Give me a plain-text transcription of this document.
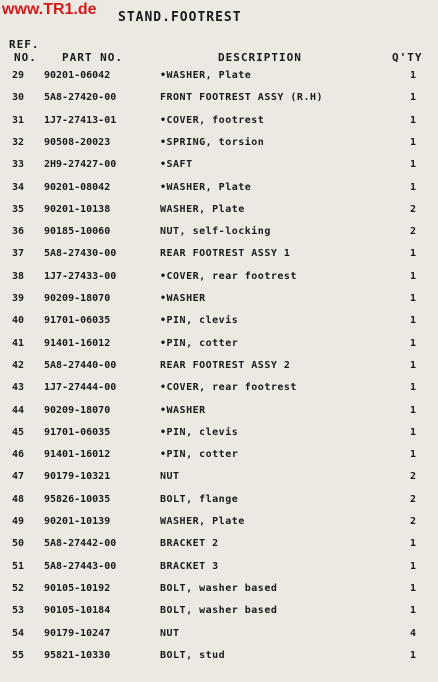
www.TR1.de STAND.FOOTREST
REF.
NO. PART NO.	DESCRIPTION	Q'TY
29	90201-06042	•WASHER, Plate	1
30	5A8-27420-00	FRONT FOOTREST ASSY (R.H)	1
31	1J7-27413-01	•COVER, footrest	1
32	90508-20023	•SPRING, torsion	1
33	2H9-27427-00	•SAFT	1
34	90201-08042	•WASHER, Plate	1
35	90201-10138	WASHER, Plate	2
36	90185-10060	NUT, self-locking	2
37	5A8-27430-00	REAR FOOTREST ASSY 1	1
38	1J7-27433-00	•COVER, rear footrest	1
39	90209-18070	•WASHER	1
40	91701-06035	•PIN, clevis	1
41	91401-16012	•PIN, cotter	1
42	5A8-27440-00	REAR FOOTREST ASSY 2	1
43	1J7-27444-00	•COVER, rear footrest	1
44	90209-18070	•WASHER	1
45	91701-06035	•PIN, clevis	1
46	91401-16012	•PIN, cotter	1
47	90179-10321	NUT	2
48	95826-10035	BOLT, flange	2
49	90201-10139	WASHER, Plate	2
50	5A8-27442-00	BRACKET 2	1
51	5A8-27443-00	BRACKET 3	1
52	90105-10192	BOLT, washer based	1
53	90105-10184	BOLT, washer based	1
54	90179-10247	NUT	4
55	95821-10330	BOLT, stud	1
